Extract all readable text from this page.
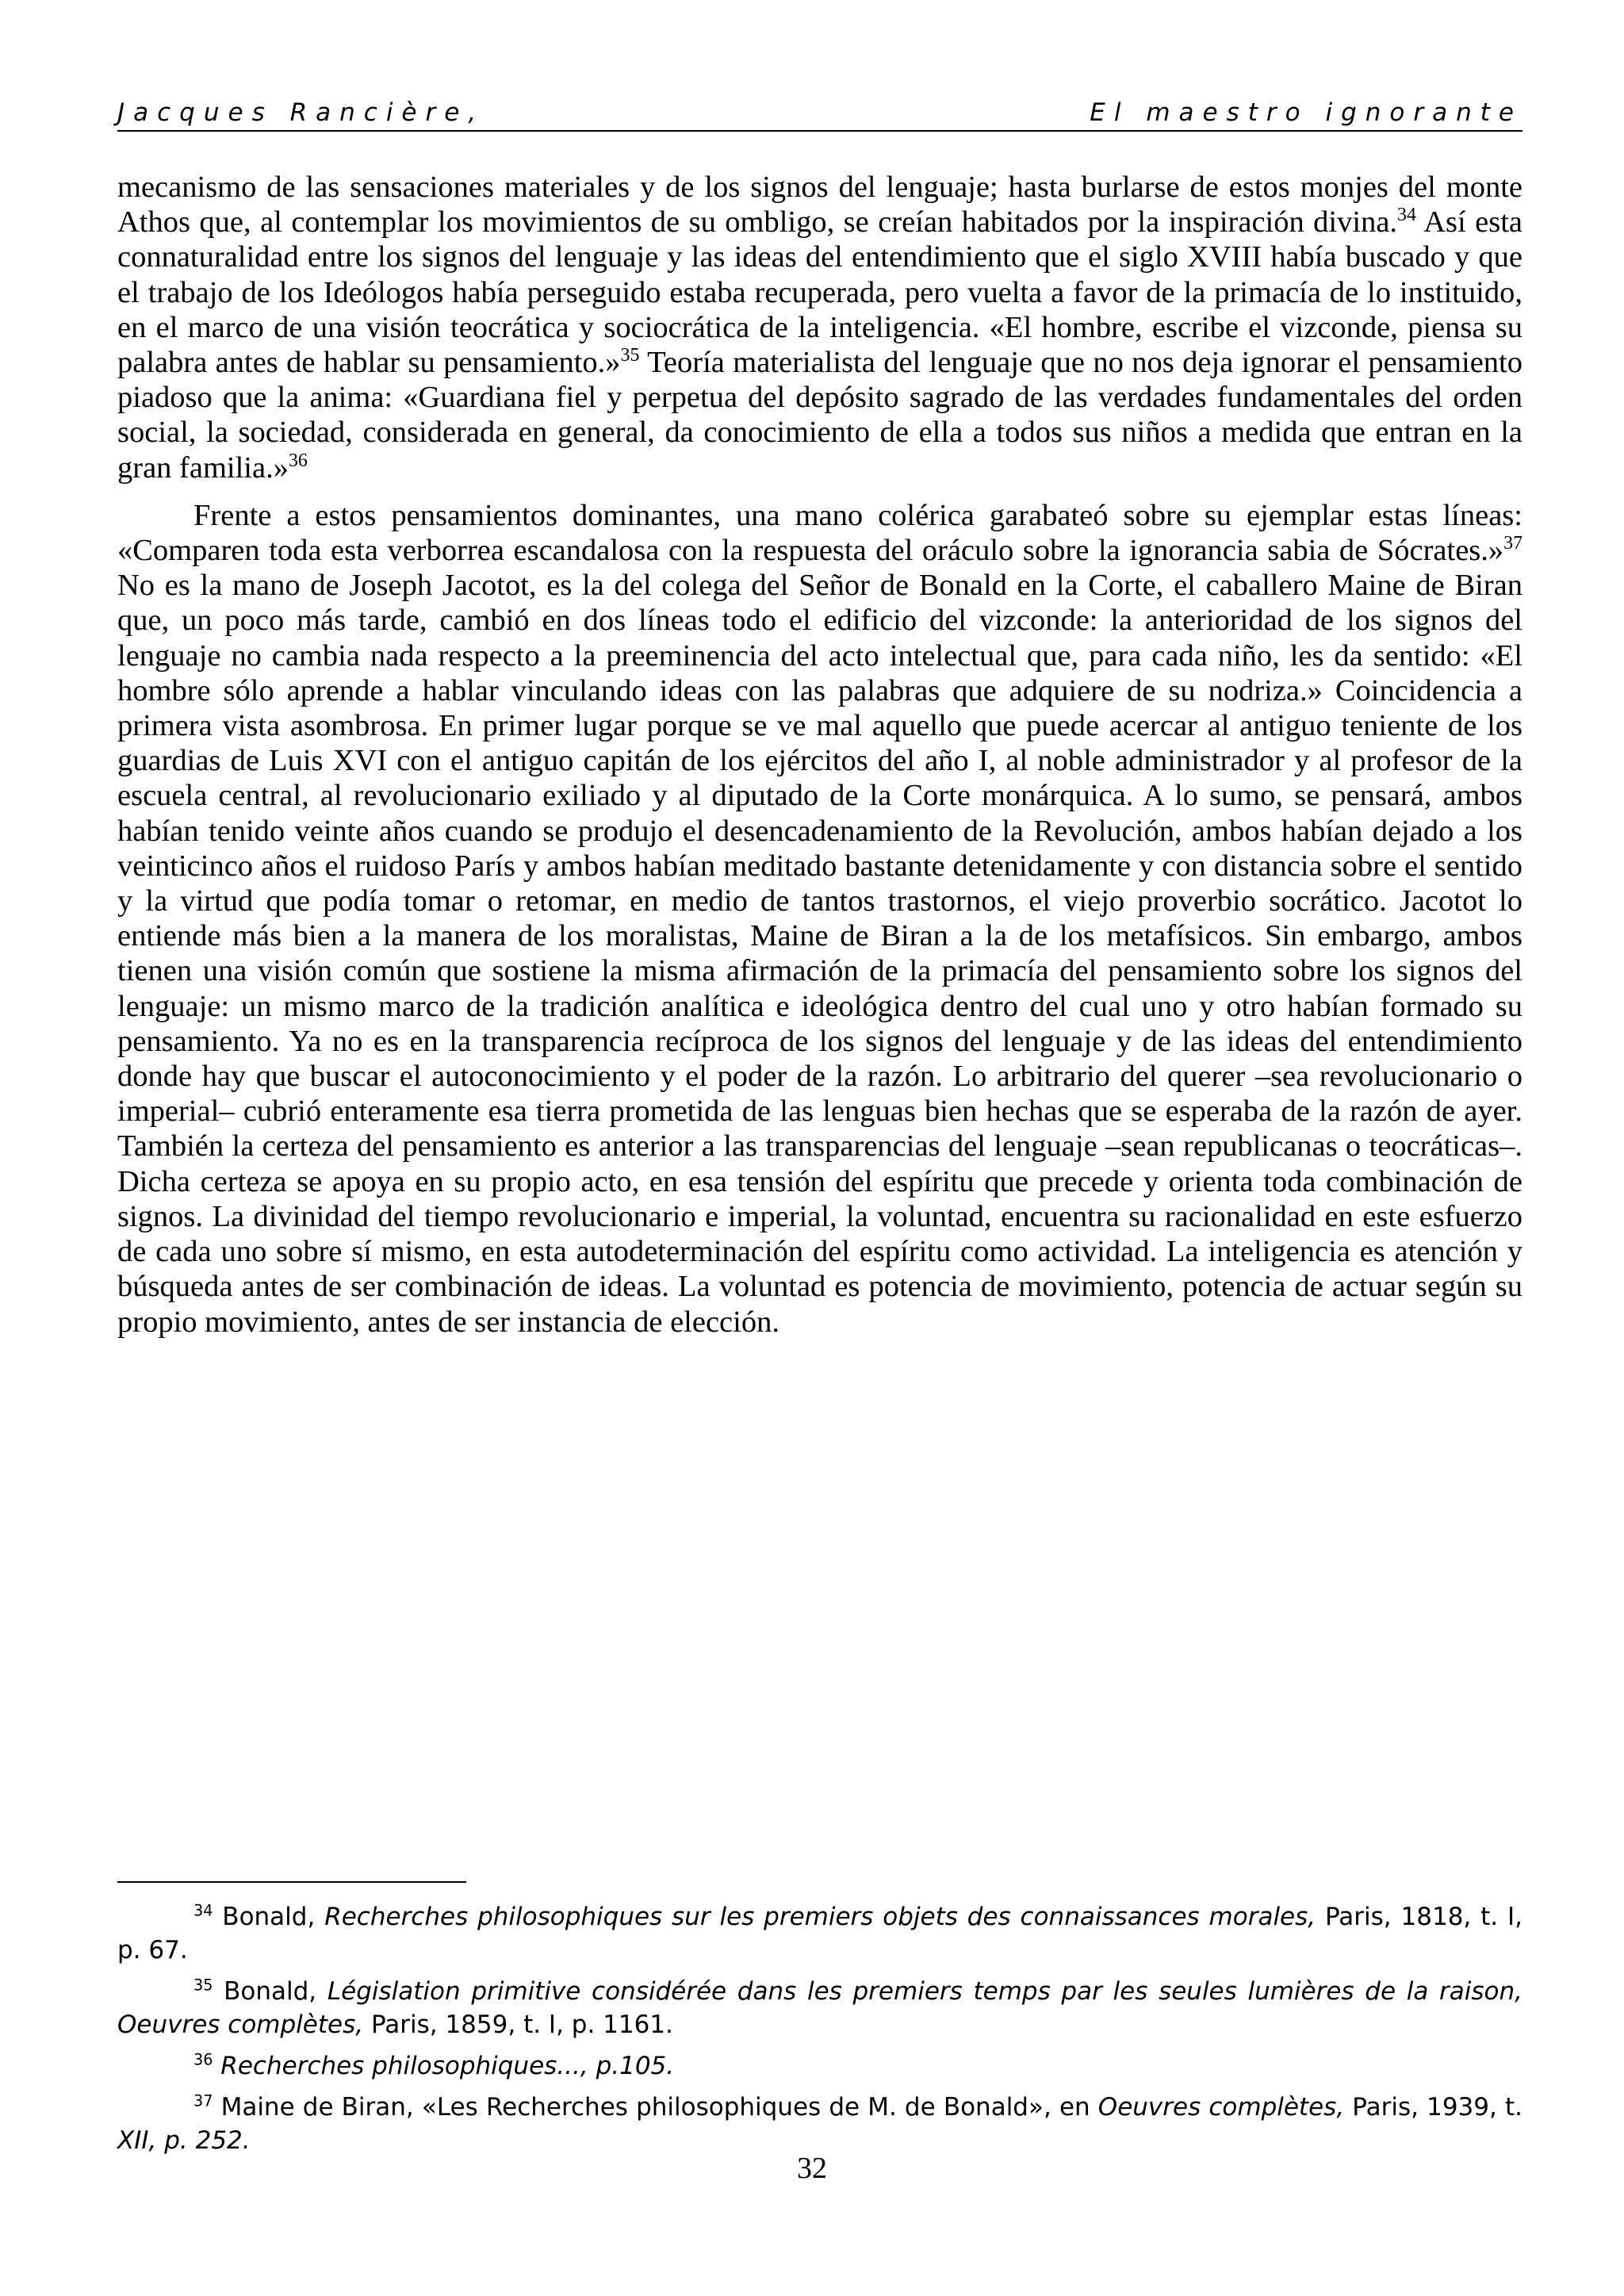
Jacques Rancière,	El maestro ignorante

mecanismo de las sensaciones materiales y de los signos del lenguaje; hasta burlarse de estos monjes del monte Athos que, al contemplar los movimientos de su ombligo, se creían habitados por la inspiración divina.$^{34}$ Así esta connaturalidad entre los signos del lenguaje y las ideas del entendimiento que el siglo XVIII había buscado y que el trabajo de los Ideólogos había perseguido estaba recuperada, pero vuelta a favor de la primacía de lo instituido, en el marco de una visión teocrática y sociocrática de la inteligencia. «El hombre, escribe el vizconde, piensa su palabra antes de hablar su pensamiento.»$^{35}$ Teoría materialista del lenguaje que no nos deja ignorar el pensamiento piadoso que la anima: «Guardiana fiel y perpetua del depósito sagrado de las verdades fundamentales del orden social, la sociedad, considerada en general, da conocimiento de ella a todos sus niños a medida que entran en la gran familia.»$^{36}$

Frente a estos pensamientos dominantes, una mano colérica garabateó sobre su ejemplar estas líneas: «Comparen toda esta verborrea escandalosa con la respuesta del oráculo sobre la ignorancia sabia de Sócrates.»$^{37}$ No es la mano de Joseph Jacotot, es la del colega del Señor de Bonald en la Corte, el caballero Maine de Biran que, un poco más tarde, cambió en dos líneas todo el edificio del vizconde: la anterioridad de los signos del lenguaje no cambia nada respecto a la preeminencia del acto intelectual que, para cada niño, les da sentido: «El hombre sólo aprende a hablar vinculando ideas con las palabras que adquiere de su nodriza.» Coincidencia a primera vista asombrosa. En primer lugar porque se ve mal aquello que puede acercar al antiguo teniente de los guardias de Luis XVI con el antiguo capitán de los ejércitos del año I, al noble administrador y al profesor de la escuela central, al revolucionario exiliado y al diputado de la Corte monárquica. A lo sumo, se pensará, ambos habían tenido veinte años cuando se produjo el desencadenamiento de la Revolución, ambos habían dejado a los veinticinco años el ruidoso París y ambos habían meditado bastante detenidamente y con distancia sobre el sentido y la virtud que podía tomar o retomar, en medio de tantos trastornos, el viejo proverbio socrático. Jacotot lo entiende más bien a la manera de los moralistas, Maine de Biran a la de los metafísicos. Sin embargo, ambos tienen una visión común que sostiene la misma afirmación de la primacía del pensamiento sobre los signos del lenguaje: un mismo marco de la tradición analítica e ideológica dentro del cual uno y otro habían formado su pensamiento. Ya no es en la transparencia recíproca de los signos del lenguaje y de las ideas del entendimiento donde hay que buscar el autoconocimiento y el poder de la razón. Lo arbitrario del querer –sea revolucionario o imperial– cubrió enteramente esa tierra prometida de las lenguas bien hechas que se esperaba de la razón de ayer. También la certeza del pensamiento es anterior a las transparencias del lenguaje –sean republicanas o teocráticas–. Dicha certeza se apoya en su propio acto, en esa tensión del espíritu que precede y orienta toda combinación de signos. La divinidad del tiempo revolucionario e imperial, la voluntad, encuentra su racionalidad en este esfuerzo de cada uno sobre sí mismo, en esta autodeterminación del espíritu como actividad. La inteligencia es atención y búsqueda antes de ser combinación de ideas. La voluntad es potencia de movimiento, potencia de actuar según su propio movimiento, antes de ser instancia de elección.

$^{34}$ Bonald, Recherches philosophiques sur les premiers objets des connaissances morales, Paris, 1818, t. I, p. 67.

$^{35}$ Bonald, Législation primitive considérée dans les premiers temps par les seules lumières de la raison, Oeuvres complètes, Paris, 1859, t. I, p. 1161.

$^{36}$ Recherches philosophiques..., p.105.

$^{37}$ Maine de Biran, «Les Recherches philosophiques de M. de Bonald», en Oeuvres complètes, Paris, 1939, t. XII, p. 252.

32
